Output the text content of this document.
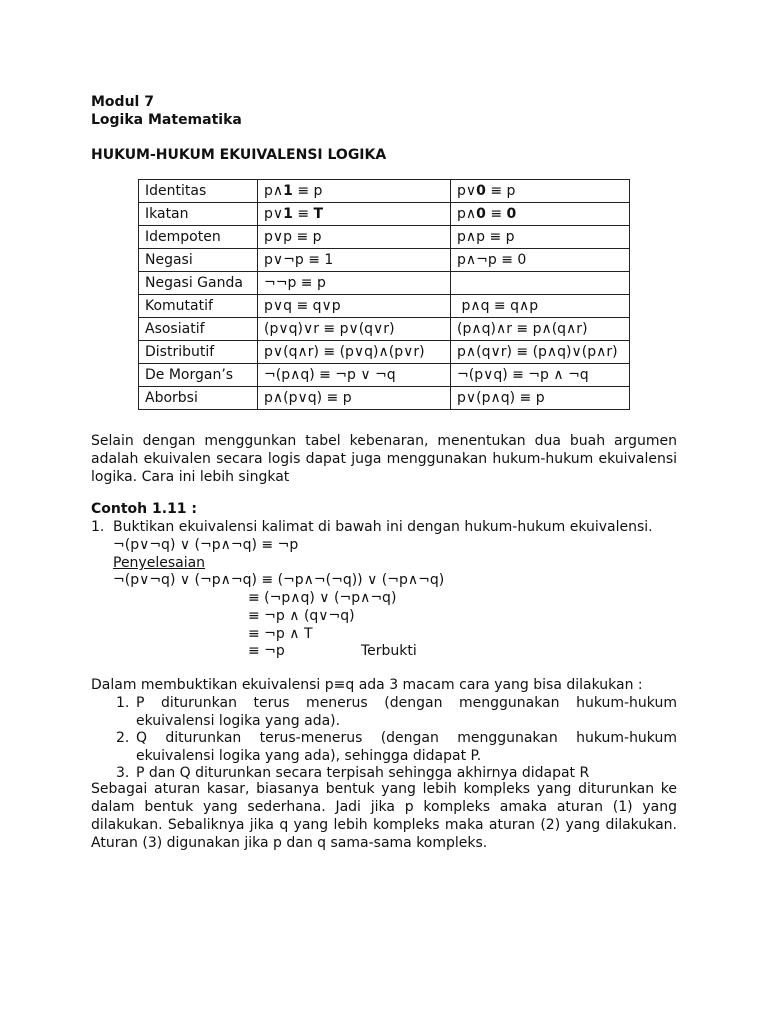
Modul 7
Logika Matematika
HUKUM-HUKUM EKUIVALENSI LOGIKA
Identitas	p∧1 ≡ p	p∨0 ≡ p
Ikatan	p∨1 ≡ T	p∧0 ≡ 0
Idempoten	p∨p ≡ p	p∧p ≡ p
Negasi	p∨¬p ≡ 1	p∧¬p ≡ 0
Negasi Ganda	¬¬p ≡ p	
Komutatif	p∨q ≡ q∨p	p∧q ≡ q∧p
Asosiatif	(p∨q)∨r ≡ p∨(q∨r)	(p∧q)∧r ≡ p∧(q∧r)
Distributif	p∨(q∧r) ≡ (p∨q)∧(p∨r)	p∧(q∨r) ≡ (p∧q)∨(p∧r)
De Morgan’s	¬(p∧q) ≡ ¬p ∨ ¬q	¬(p∨q) ≡ ¬p ∧ ¬q
Aborbsi	p∧(p∨q) ≡ p	p∨(p∧q) ≡ p
Selain dengan menggunkan tabel kebenaran, menentukan dua buah argumen
adalah ekuivalen secara logis dapat juga menggunakan hukum-hukum ekuivalensi
logika. Cara ini lebih singkat
Contoh 1.11 :
1. Buktikan ekuivalensi kalimat di bawah ini dengan hukum-hukum ekuivalensi.
¬(p∨¬q) ∨ (¬p∧¬q) ≡ ¬p
Penyelesaian
¬(p∨¬q) ∨ (¬p∧¬q) ≡ (¬p∧¬(¬q)) ∨ (¬p∧¬q)
≡ (¬p∧q) ∨ (¬p∧¬q)
≡ ¬p ∧ (q∨¬q)
≡ ¬p ∧ T
≡ ¬p	Terbukti
Dalam membuktikan ekuivalensi p≡q ada 3 macam cara yang bisa dilakukan :
1. P diturunkan terus menerus (dengan menggunakan hukum-hukum
ekuivalensi logika yang ada).
2. Q diturunkan terus-menerus (dengan menggunakan hukum-hukum
ekuivalensi logika yang ada), sehingga didapat P.
3. P dan Q diturunkan secara terpisah sehingga akhirnya didapat R
Sebagai aturan kasar, biasanya bentuk yang lebih kompleks yang diturunkan ke
dalam bentuk yang sederhana. Jadi jika p kompleks amaka aturan (1) yang
dilakukan. Sebaliknya jika q yang lebih kompleks maka aturan (2) yang dilakukan.
Aturan (3) digunakan jika p dan q sama-sama kompleks.
